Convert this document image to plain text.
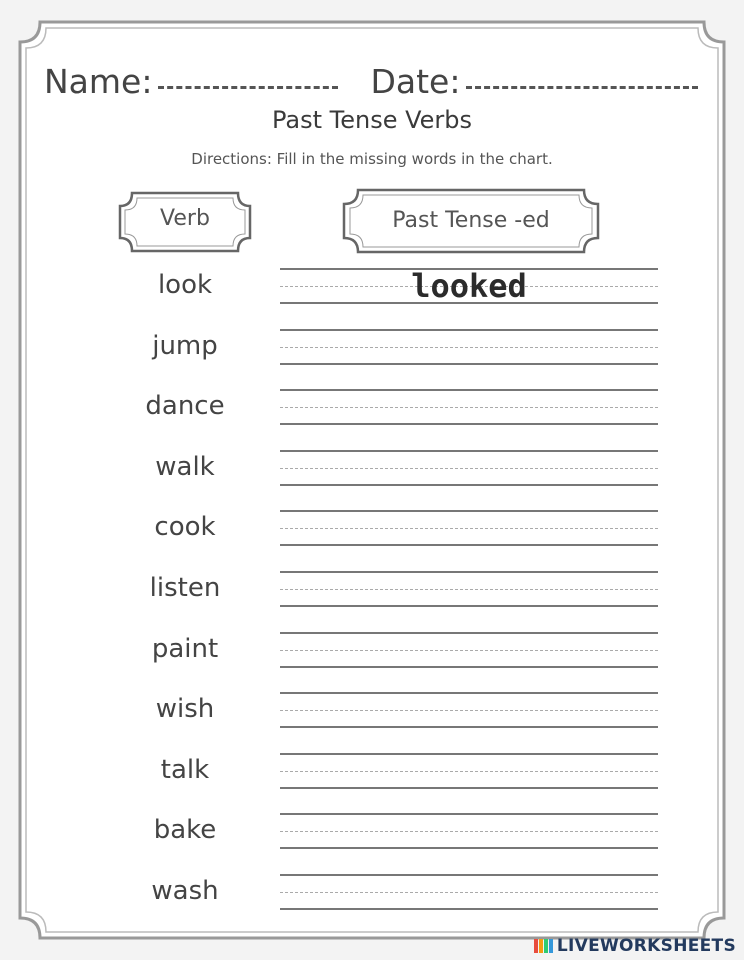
Name:	Date:
Past Tense Verbs
Directions: Fill in the missing words in the chart.
Verb	Past Tense -ed
look
looked
jump
dance
walk
cook
listen
paint
wish
talk
bake
wash
LIVEWORKSHEETS
